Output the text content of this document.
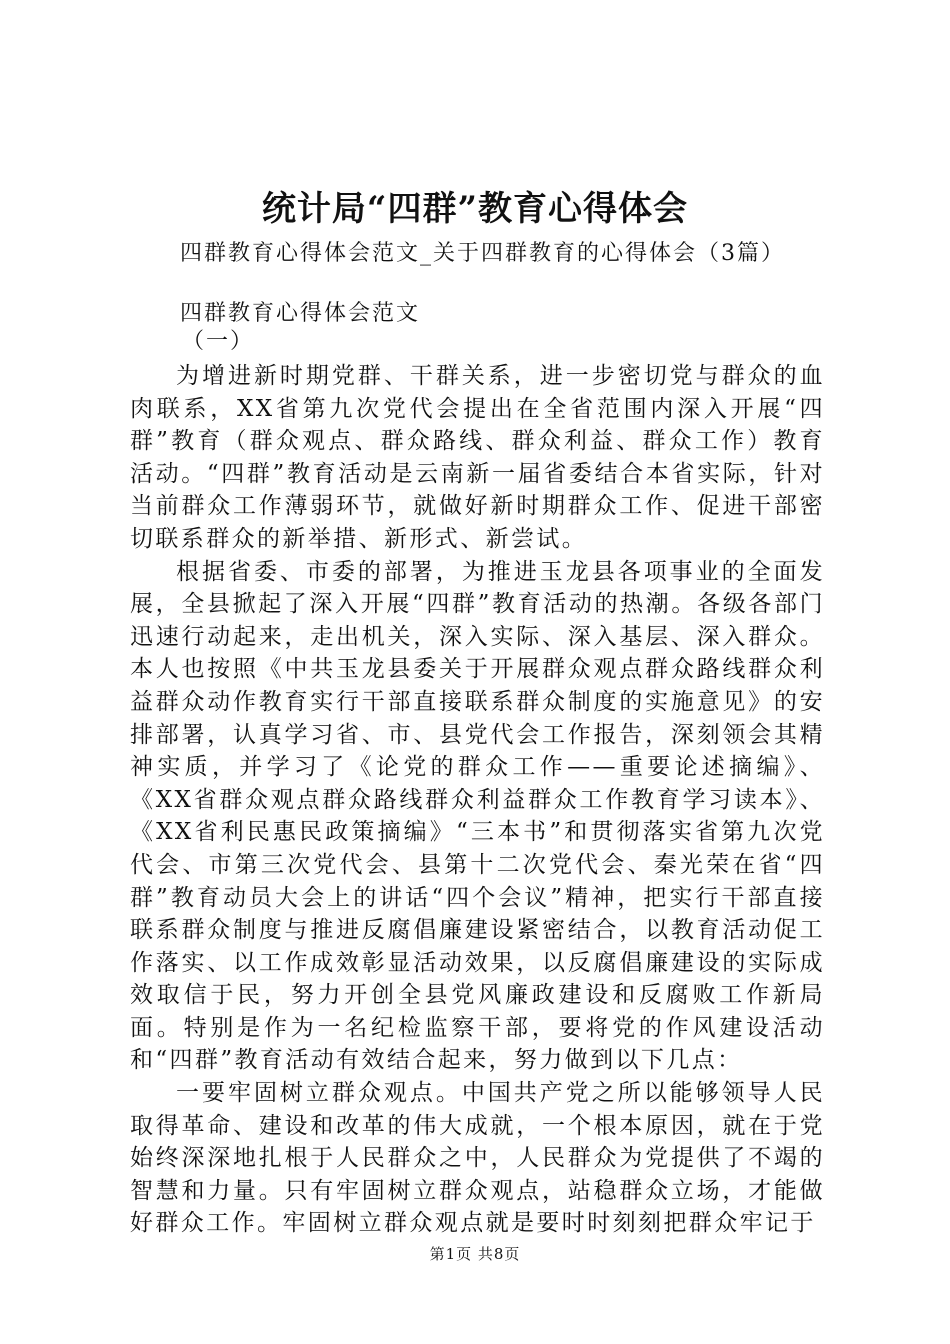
统计局“四群”教育心得体会
四群教育心得体会范文_关于四群教育的心得体会（3篇）
四群教育心得体会范文
（一）

为增进新时期党群、干群关系，进一步密切党与群众的血肉联系，XX省第九次党代会提出在全省范围内深入开展“四群”教育（群众观点、群众路线、群众利益、群众工作）教育活动。“四群”教育活动是云南新一届省委结合本省实际，针对当前群众工作薄弱环节，就做好新时期群众工作、促进干部密切联系群众的新举措、新形式、新尝试。

根据省委、市委的部署，为推进玉龙县各项事业的全面发展，全县掀起了深入开展“四群”教育活动的热潮。各级各部门迅速行动起来，走出机关，深入实际、深入基层、深入群众。本人也按照《中共玉龙县委关于开展群众观点群众路线群众利益群众动作教育实行干部直接联系群众制度的实施意见》的安排部署，认真学习省、市、县党代会工作报告，深刻领会其精神实质，并学习了《论党的群众工作——重要论述摘编》、《XX省群众观点群众路线群众利益群众工作教育学习读本》、《XX省利民惠民政策摘编》“三本书”和贯彻落实省第九次党代会、市第三次党代会、县第十二次党代会、秦光荣在省“四群”教育动员大会上的讲话“四个会议”精神，把实行干部直接联系群众制度与推进反腐倡廉建设紧密结合，以教育活动促工作落实、以工作成效彰显活动效果，以反腐倡廉建设的实际成效取信于民，努力开创全县党风廉政建设和反腐败工作新局面。特别是作为一名纪检监察干部，要将党的作风建设活动和“四群”教育活动有效结合起来，努力做到以下几点：

一要牢固树立群众观点。中国共产党之所以能够领导人民取得革命、建设和改革的伟大成就，一个根本原因，就在于党始终深深地扎根于人民群众之中，人民群众为党提供了不竭的智慧和力量。只有牢固树立群众观点，站稳群众立场，才能做好群众工作。牢固树立群众观点就是要时时刻刻把群众牢记于

第1页 共8页
